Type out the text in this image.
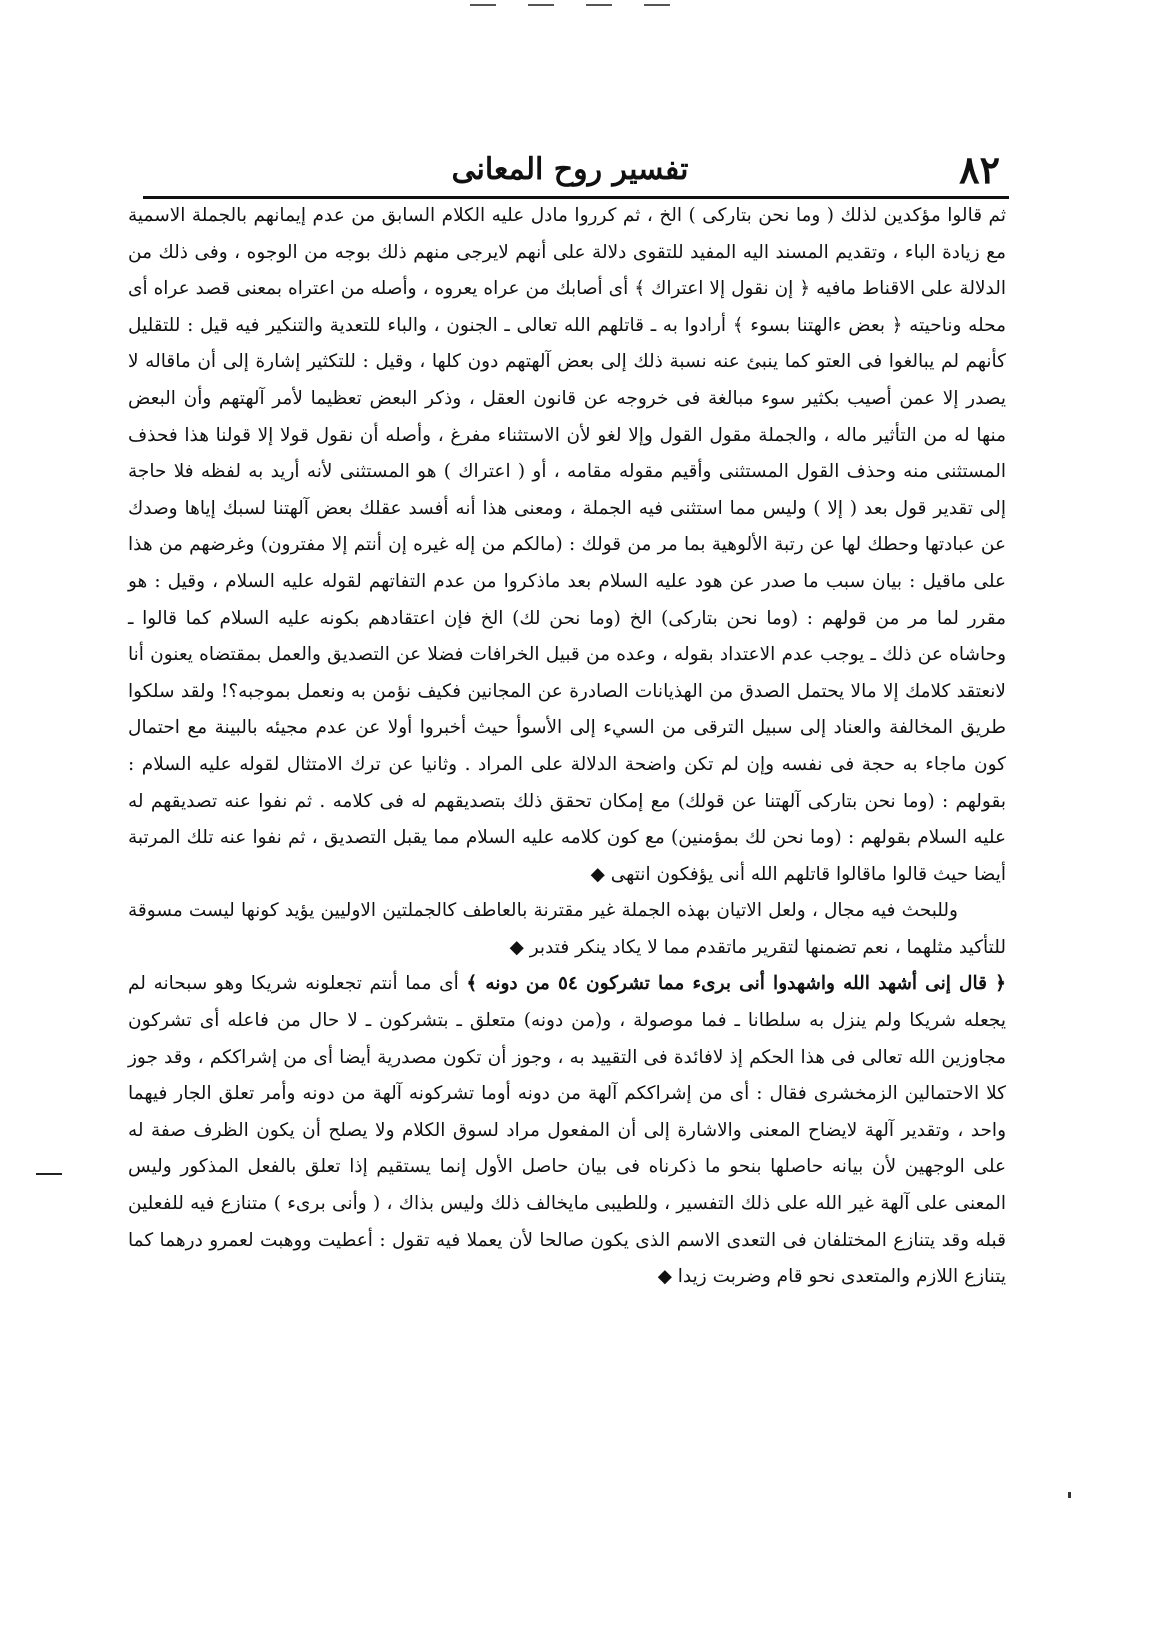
٨٢
تفسير روح المعانى

ثم قالوا مؤكدين لذلك ( وما نحن بتاركى ) الخ ، ثم كرروا مادل عليه الكلام السابق من عدم إيمانهم بالجملة الاسمية مع زيادة الباء ، وتقديم المسند اليه المفيد للتقوى دلالة على أنهم لايرجى منهم ذلك بوجه من الوجوه ، وفى ذلك من الدلالة على الاقناط مافيه ﴿ إن نقول إلا اعتراك ﴾ أى أصابك من عراه يعروه ، وأصله من اعتراه بمعنى قصد عراه أى محله وناحيته ﴿ بعض ءالهتنا بسوء ﴾ أرادوا به ـ قاتلهم الله تعالى ـ الجنون ، والباء للتعدية والتنكير فيه قيل : للتقليل كأنهم لم يبالغوا فى العتو كما ينبئ عنه نسبة ذلك إلى بعض آلهتهم دون كلها ، وقيل : للتكثير إشارة إلى أن ماقاله لا يصدر إلا عمن أصيب بكثير سوء مبالغة فى خروجه عن قانون العقل ، وذكر البعض تعظيما لأمر آلهتهم وأن البعض منها له من التأثير ماله ، والجملة مقول القول وإلا لغو لأن الاستثناء مفرغ ، وأصله أن نقول قولا إلا قولنا هذا فحذف المستثنى منه وحذف القول المستثنى وأقيم مقوله مقامه ، أو ( اعتراك ) هو المستثنى لأنه أريد به لفظه فلا حاجة إلى تقدير قول بعد ( إلا ) وليس مما استثنى فيه الجملة ، ومعنى هذا أنه أفسد عقلك بعض آلهتنا لسبك إياها وصدك عن عبادتها وحطك لها عن رتبة الألوهية بما مر من قولك : (مالكم من إله غيره إن أنتم إلا مفترون) وغرضهم من هذا على ماقيل : بيان سبب ما صدر عن هود عليه السلام بعد ماذكروا من عدم التفاتهم لقوله عليه السلام ، وقيل : هو مقرر لما مر من قولهم : (وما نحن بتاركى) الخ (وما نحن لك) الخ فإن اعتقادهم بكونه عليه السلام كما قالوا ـ وحاشاه عن ذلك ـ يوجب عدم الاعتداد بقوله ، وعده من قبيل الخرافات فضلا عن التصديق والعمل بمقتضاه يعنون أنا لانعتقد كلامك إلا مالا يحتمل الصدق من الهذيانات الصادرة عن المجانين فكيف نؤمن به ونعمل بموجبه؟! ولقد سلكوا طريق المخالفة والعناد إلى سبيل الترقى من السيء إلى الأسوأ حيث أخبروا أولا عن عدم مجيئه بالبينة مع احتمال كون ماجاء به حجة فى نفسه وإن لم تكن واضحة الدلالة على المراد . وثانيا عن ترك الامتثال لقوله عليه السلام : بقولهم : (وما نحن بتاركى آلهتنا عن قولك) مع إمكان تحقق ذلك بتصديقهم له فى كلامه . ثم نفوا عنه تصديقهم له عليه السلام بقولهم : (وما نحن لك بمؤمنين) مع كون كلامه عليه السلام مما يقبل التصديق ، ثم نفوا عنه تلك المرتبة أيضا حيث قالوا ماقالوا قاتلهم الله أنى يؤفكون انتهى ◆

وللبحث فيه مجال ، ولعل الاتيان بهذه الجملة غير مقترنة بالعاطف كالجملتين الاوليين يؤيد كونها ليست مسوقة للتأكيد مثلهما ، نعم تضمنها لتقرير ماتقدم مما لا يكاد ينكر فتدبر ◆

﴿ قال إنى أشهد الله واشهدوا أنى برىء مما تشركون ٥٤ من دونه ﴾ أى مما أنتم تجعلونه شريكا وهو سبحانه لم يجعله شريكا ولم ينزل به سلطانا ـ فما موصولة ، و(من دونه) متعلق ـ بتشركون ـ لا حال من فاعله أى تشركون مجاوزين الله تعالى فى هذا الحكم إذ لافائدة فى التقييد به ، وجوز أن تكون مصدرية أيضا أى من إشراككم ، وقد جوز كلا الاحتمالين الزمخشرى فقال : أى من إشراككم آلهة من دونه أوما تشركونه آلهة من دونه وأمر تعلق الجار فيهما واحد ، وتقدير آلهة لايضاح المعنى والاشارة إلى أن المفعول مراد لسوق الكلام ولا يصلح أن يكون الظرف صفة له على الوجهين لأن بيانه حاصلها بنحو ما ذكرناه فى بيان حاصل الأول إنما يستقيم إذا تعلق بالفعل المذكور وليس المعنى على آلهة غير الله على ذلك التفسير ، وللطيبى مايخالف ذلك وليس بذاك ، ( وأنى برىء ) متنازع فيه للفعلين قبله وقد يتنازع المختلفان فى التعدى الاسم الذى يكون صالحا لأن يعملا فيه تقول : أعطيت ووهبت لعمرو درهما كما يتنازع اللازم والمتعدى نحو قام وضربت زيدا ◆
